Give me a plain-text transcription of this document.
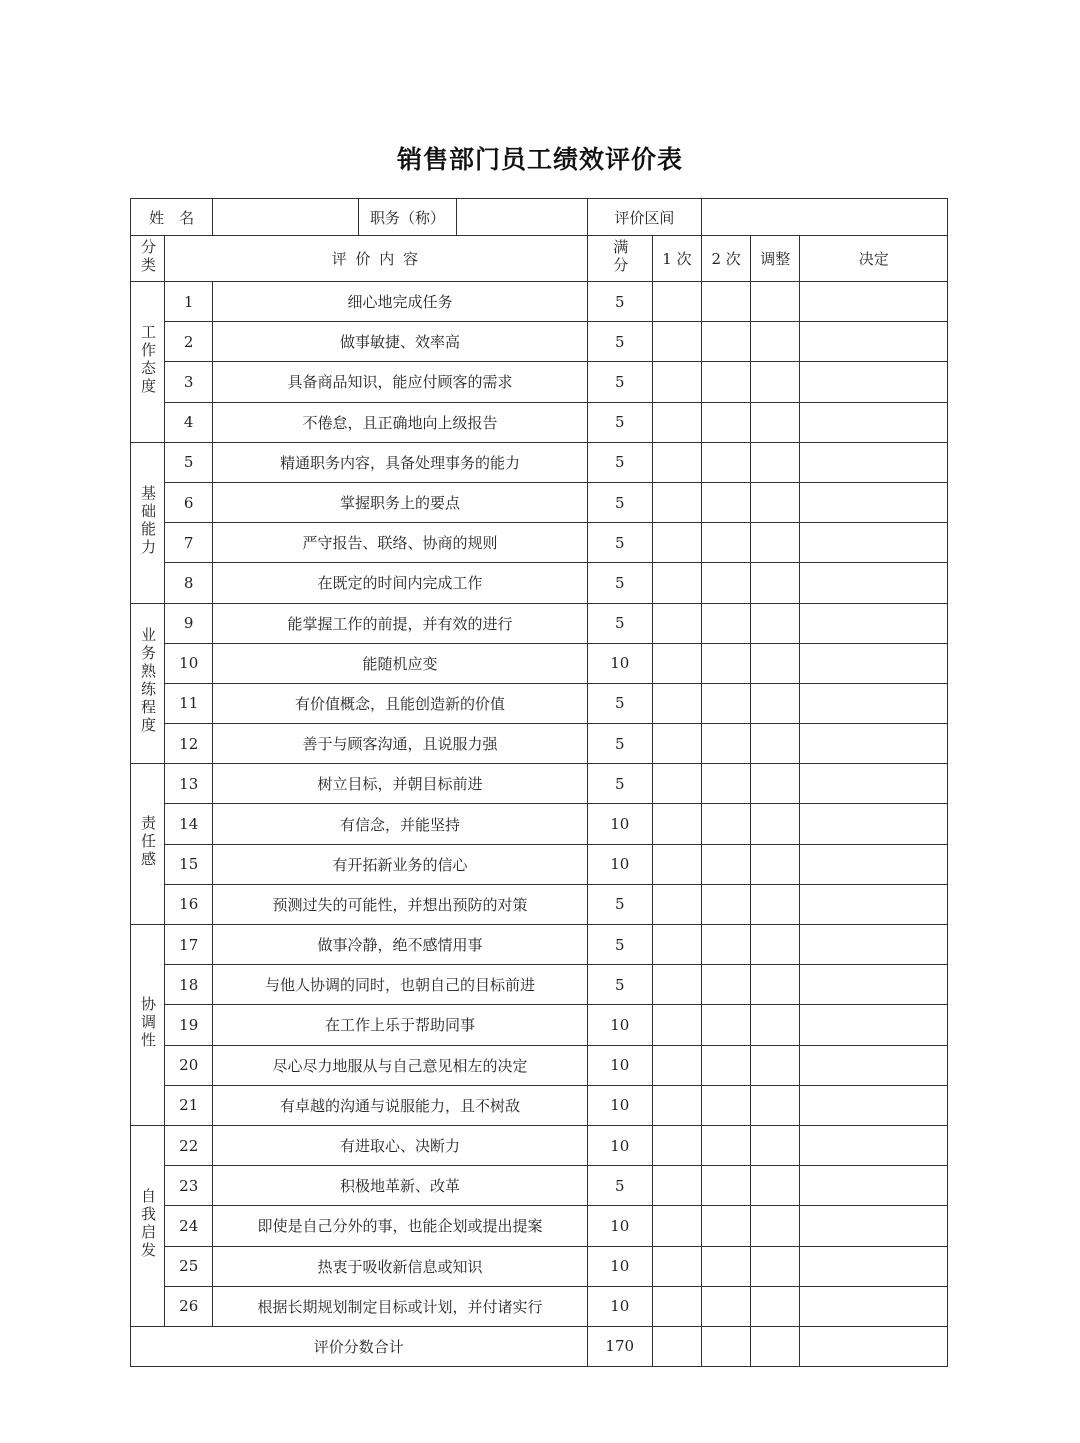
销售部门员工绩效评价表
姓　名			职务（称）		评价区间				
分类	评 价 内 容				满分	1 次	2 次	调整	决定
工作态度	1	细心地完成任务			5				
	2	做事敏捷、效率高			5				
	3	具备商品知识，能应付顾客的需求			5				
	4	不倦怠，且正确地向上级报告			5				
基础能力	5	精通职务内容，具备处理事务的能力			5				
	6	掌握职务上的要点			5				
	7	严守报告、联络、协商的规则			5				
	8	在既定的时间内完成工作			5				
业务熟练程度	9	能掌握工作的前提，并有效的进行			5				
	10	能随机应变			10				
	11	有价值概念，且能创造新的价值			5				
	12	善于与顾客沟通，且说服力强			5				
责任感	13	树立目标，并朝目标前进			5				
	14	有信念，并能坚持			10				
	15	有开拓新业务的信心			10				
	16	预测过失的可能性，并想出预防的对策			5				
协调性	17	做事冷静，绝不感情用事			5				
	18	与他人协调的同时，也朝自己的目标前进			5				
	19	在工作上乐于帮助同事			10				
	20	尽心尽力地服从与自己意见相左的决定			10				
	21	有卓越的沟通与说服能力，且不树敌			10				
自我启发	22	有进取心、决断力			10				
	23	积极地革新、改革			5				
	24	即使是自己分外的事，也能企划或提出提案			10				
	25	热衷于吸收新信息或知识			10				
	26	根据长期规划制定目标或计划，并付诸实行			10				
评价分数合计					170				
